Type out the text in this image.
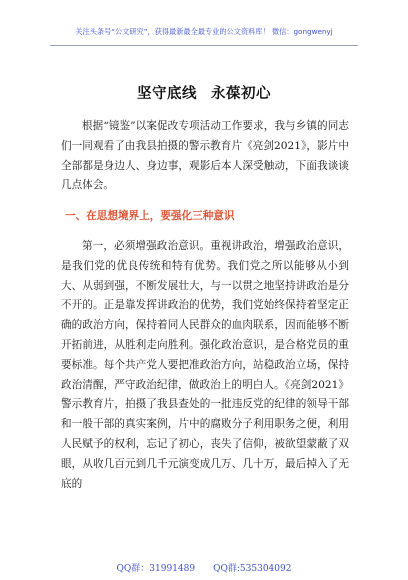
关注头条号“公文研究”，获得最新最全最专业的公文资料库！ 微信：gongwenyj
坚守底线 永葆初心
根据“镜鉴”以案促改专项活动工作要求，我与乡镇的同志们一同观看了由我县拍摄的警示教育片《亮剑2021》，影片中全部都是身边人、身边事，观影后本人深受触动，下面我谈谈几点体会。
一、在思想境界上，要强化三种意识
第一，必须增强政治意识。重视讲政治，增强政治意识，是我们党的优良传统和特有优势。我们党之所以能够从小到大、从弱到强，不断发展壮大，与一以贯之地坚持讲政治是分不开的。正是靠发挥讲政治的优势，我们党始终保持着坚定正确的政治方向，保持着同人民群众的血肉联系，因而能够不断开拓前进，从胜利走向胜利。强化政治意识，是合格党员的重要标准。每个共产党人要把准政治方向，站稳政治立场，保持政治清醒，严守政治纪律，做政治上的明白人。《亮剑2021》警示教育片，拍摄了我县查处的一批违反党的纪律的领导干部和一般干部的真实案例，片中的腐败分子利用职务之便，利用人民赋予的权利，忘记了初心，丧失了信仰，被欲望蒙蔽了双眼，从收几百元到几千元演变成几万、几十万，最后掉入了无底的
QQ群：31991489 QQ群:535304092
